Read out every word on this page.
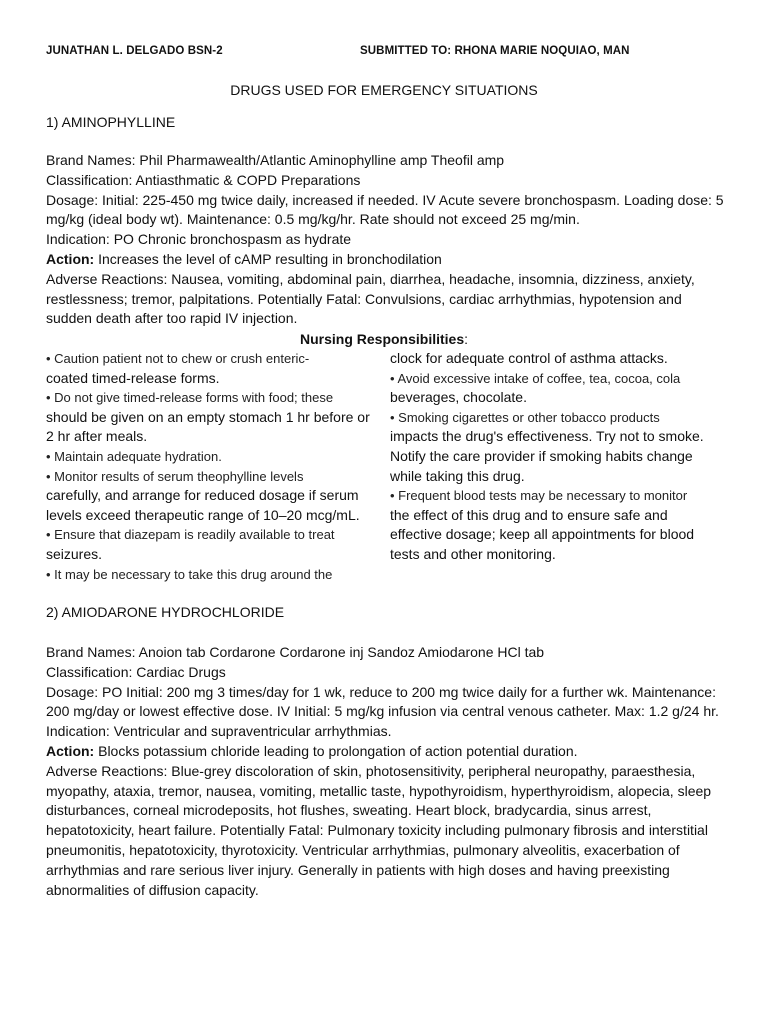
JUNATHAN L. DELGADO BSN-2	SUBMITTED TO: RHONA MARIE NOQUIAO, MAN
DRUGS USED FOR EMERGENCY SITUATIONS
1) AMINOPHYLLINE

Brand Names: Phil Pharmawealth/Atlantic Aminophylline amp Theofil amp

Classification: Antiasthmatic & COPD Preparations

Dosage: Initial: 225-450 mg twice daily, increased if needed. IV Acute severe bronchospasm. Loading dose: 5 mg/kg (ideal body wt). Maintenance: 0.5 mg/kg/hr. Rate should not exceed 25 mg/min.

Indication: PO Chronic bronchospasm as hydrate

Action: Increases the level of cAMP resulting in bronchodilation

Adverse Reactions: Nausea, vomiting, abdominal pain, diarrhea, headache, insomnia, dizziness, anxiety, restlessness; tremor, palpitations. Potentially Fatal: Convulsions, cardiac arrhythmias, hypotension and sudden death after too rapid IV injection.

Nursing Responsibilities:

• Caution patient not to chew or crush enteric-
coated timed-release forms.

• Do not give timed-release forms with food; these
should be given on an empty stomach 1 hr before or 2 hr after meals.

• Maintain adequate hydration.

• Monitor results of serum theophylline levels
carefully, and arrange for reduced dosage if serum levels exceed therapeutic range of 10–20 mcg/mL.

• Ensure that diazepam is readily available to treat
seizures.

• It may be necessary to take this drug around the

clock for adequate control of asthma attacks.

• Avoid excessive intake of coffee, tea, cocoa, cola
beverages, chocolate.

• Smoking cigarettes or other tobacco products
impacts the drug's effectiveness. Try not to smoke. Notify the care provider if smoking habits change while taking this drug.

• Frequent blood tests may be necessary to monitor
the effect of this drug and to ensure safe and effective dosage; keep all appointments for blood tests and other monitoring.

2) AMIODARONE HYDROCHLORIDE

Brand Names: Anoion tab Cordarone Cordarone inj Sandoz Amiodarone HCl tab

Classification: Cardiac Drugs

Dosage: PO Initial: 200 mg 3 times/day for 1 wk, reduce to 200 mg twice daily for a further wk. Maintenance: 200 mg/day or lowest effective dose. IV Initial: 5 mg/kg infusion via central venous catheter. Max: 1.2 g/24 hr.

Indication: Ventricular and supraventricular arrhythmias.

Action: Blocks potassium chloride leading to prolongation of action potential duration.

Adverse Reactions: Blue-grey discoloration of skin, photosensitivity, peripheral neuropathy, paraesthesia, myopathy, ataxia, tremor, nausea, vomiting, metallic taste, hypothyroidism, hyperthyroidism, alopecia, sleep disturbances, corneal microdeposits, hot flushes, sweating. Heart block, bradycardia, sinus arrest, hepatotoxicity, heart failure. Potentially Fatal: Pulmonary toxicity including pulmonary fibrosis and interstitial pneumonitis, hepatotoxicity, thyrotoxicity. Ventricular arrhythmias, pulmonary alveolitis, exacerbation of arrhythmias and rare serious liver injury. Generally in patients with high doses and having preexisting abnormalities of diffusion capacity.
